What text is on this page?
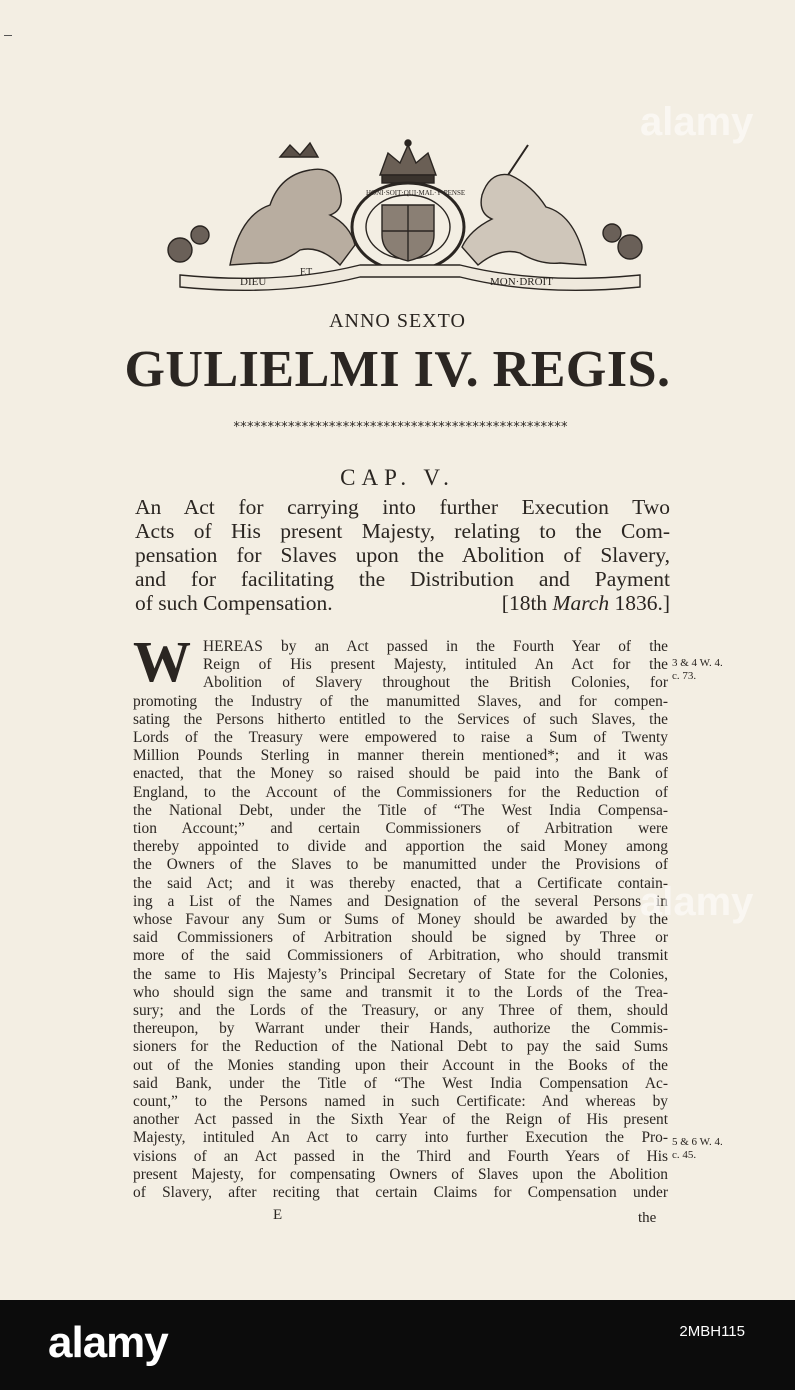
DIEU
ET
MON·DROIT
HONI·SOIT·QUI·MAL·Y·PENSE
ANNO SEXTO
GULIELMI IV. REGIS.
*************************************************
CAP. V.
An Act for carrying into further Execution Two
Acts of His present Majesty, relating to the Com-
pensation for Slaves upon the Abolition of Slavery,
and for facilitating the Distribution and Payment
of such Compensation.	[18th March 1836.]
W HEREAS by an Act passed in the Fourth Year of the
Reign of His present Majesty, intituled An Act for the
Abolition of Slavery throughout the British Colonies, for
promoting the Industry of the manumitted Slaves, and for compen-
sating the Persons hitherto entitled to the Services of such Slaves, the
Lords of the Treasury were empowered to raise a Sum of Twenty
Million Pounds Sterling in manner therein mentioned*; and it was
enacted, that the Money so raised should be paid into the Bank of
England, to the Account of the Commissioners for the Reduction of
the National Debt, under the Title of “The West India Compensa-
tion Account;” and certain Commissioners of Arbitration were
thereby appointed to divide and apportion the said Money among
the Owners of the Slaves to be manumitted under the Provisions of
the said Act; and it was thereby enacted, that a Certificate contain-
ing a List of the Names and Designation of the several Persons in
whose Favour any Sum or Sums of Money should be awarded by the
said Commissioners of Arbitration should be signed by Three or
more of the said Commissioners of Arbitration, who should transmit
the same to His Majesty’s Principal Secretary of State for the Colonies,
who should sign the same and transmit it to the Lords of the Trea-
sury; and the Lords of the Treasury, or any Three of them, should
thereupon, by Warrant under their Hands, authorize the Commis-
sioners for the Reduction of the National Debt to pay the said Sums
out of the Monies standing upon their Account in the Books of the
said Bank, under the Title of “The West India Compensation Ac-
count,” to the Persons named in such Certificate: And whereas by
another Act passed in the Sixth Year of the Reign of His present
Majesty, intituled An Act to carry into further Execution the Pro-
visions of an Act passed in the Third and Fourth Years of His
present Majesty, for compensating Owners of Slaves upon the Abolition
of Slavery, after reciting that certain Claims for Compensation under
3 & 4 W. 4.
c. 73.
5 & 6 W. 4.
c. 45.
E	the
alamy
alamy
alamy	2MBH115
